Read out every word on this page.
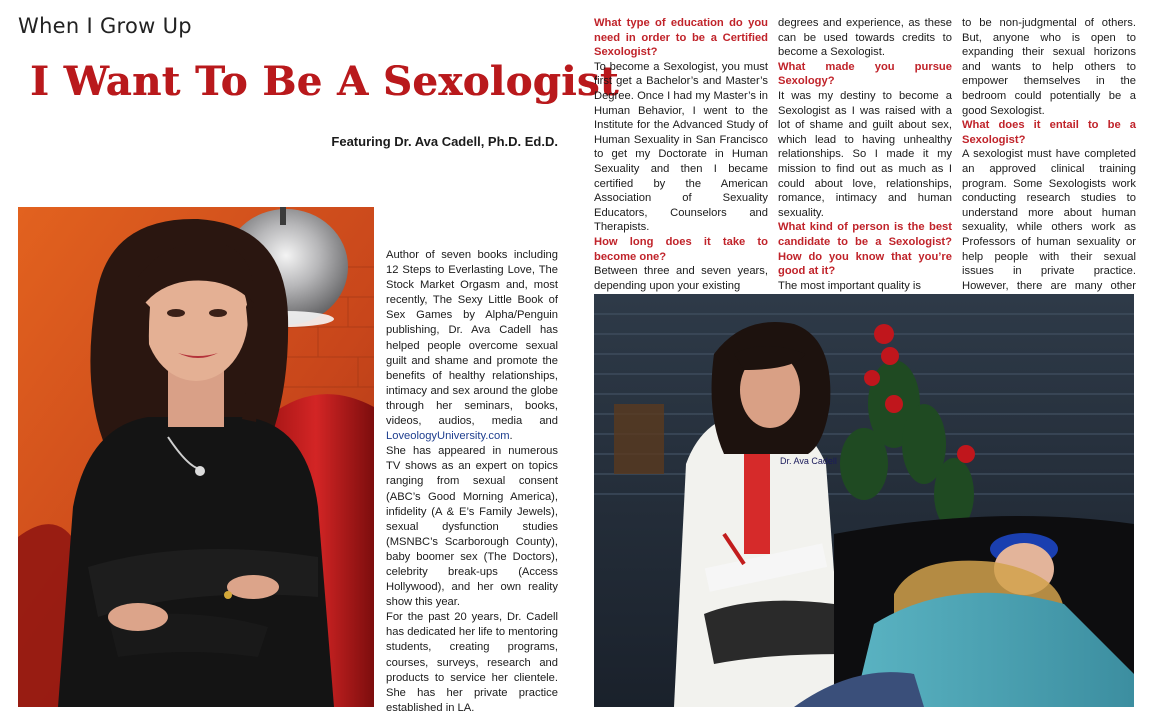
When I Grow Up
I Want To Be A Sexologist
Featuring Dr. Ava Cadell, Ph.D. Ed.D.

Author of seven books including 12 Steps to Everlasting Love, The Stock Market Orgasm and, most recently, The Sexy Little Book of Sex Games by Alpha/Penguin publishing, Dr. Ava Cadell has helped people overcome sexual guilt and shame and promote the benefits of healthy relationships, intimacy and sex around the globe through her seminars, books, videos, audios, media and LoveologyUniversity.com.

She has appeared in numerous TV shows as an expert on topics ranging from sexual consent (ABC’s Good Morning America), infidelity (A & E’s Family Jewels), sexual dysfunction studies (MSNBC’s Scarborough County), baby boomer sex (The Doctors), celebrity break-ups (Access Hollywood), and her own reality show this year.

For the past 20 years, Dr. Cadell has dedicated her life to mentoring students, creating programs, courses, surveys, research and products to service her clientele. She has her private practice established in LA.

What type of education do you need in order to be a Certified Sexologist?
To become a Sexologist, you must first get a Bachelor’s and Master’s Degree. Once I had my Master’s in Human Behavior, I went to the Institute for the Advanced Study of Human Sexuality in San Francisco to get my Doctorate in Human Sexuality and then I became certified by the American Association of Sexuality Educators, Counselors and Therapists.
How long does it take to become one?
Between three and seven years, depending upon your existing
degrees and experience, as these can be used towards credits to become a Sexologist.
What made you pursue Sexology?
It was my destiny to become a Sexologist as I was raised with a lot of shame and guilt about sex, which lead to having unhealthy relationships. So I made it my mission to find out as much as I could about love, relationships, romance, intimacy and human sexuality.
What kind of person is the best candidate to be a Sexologist? How do you know that you’re good at it?
The most important quality is
to be non-judgmental of others. But, anyone who is open to expanding their sexual horizons and wants to help others to empower themselves in the bedroom could potentially be a good Sexologist.
What does it entail to be a Sexologist?
A sexologist must have completed an approved clinical training program. Some Sexologists work conducting research studies to understand more about human sexuality, while others work as Professors of human sexuality or help people with their sexual issues in private practice. However, there are many other
Dr. Ava Cadell
